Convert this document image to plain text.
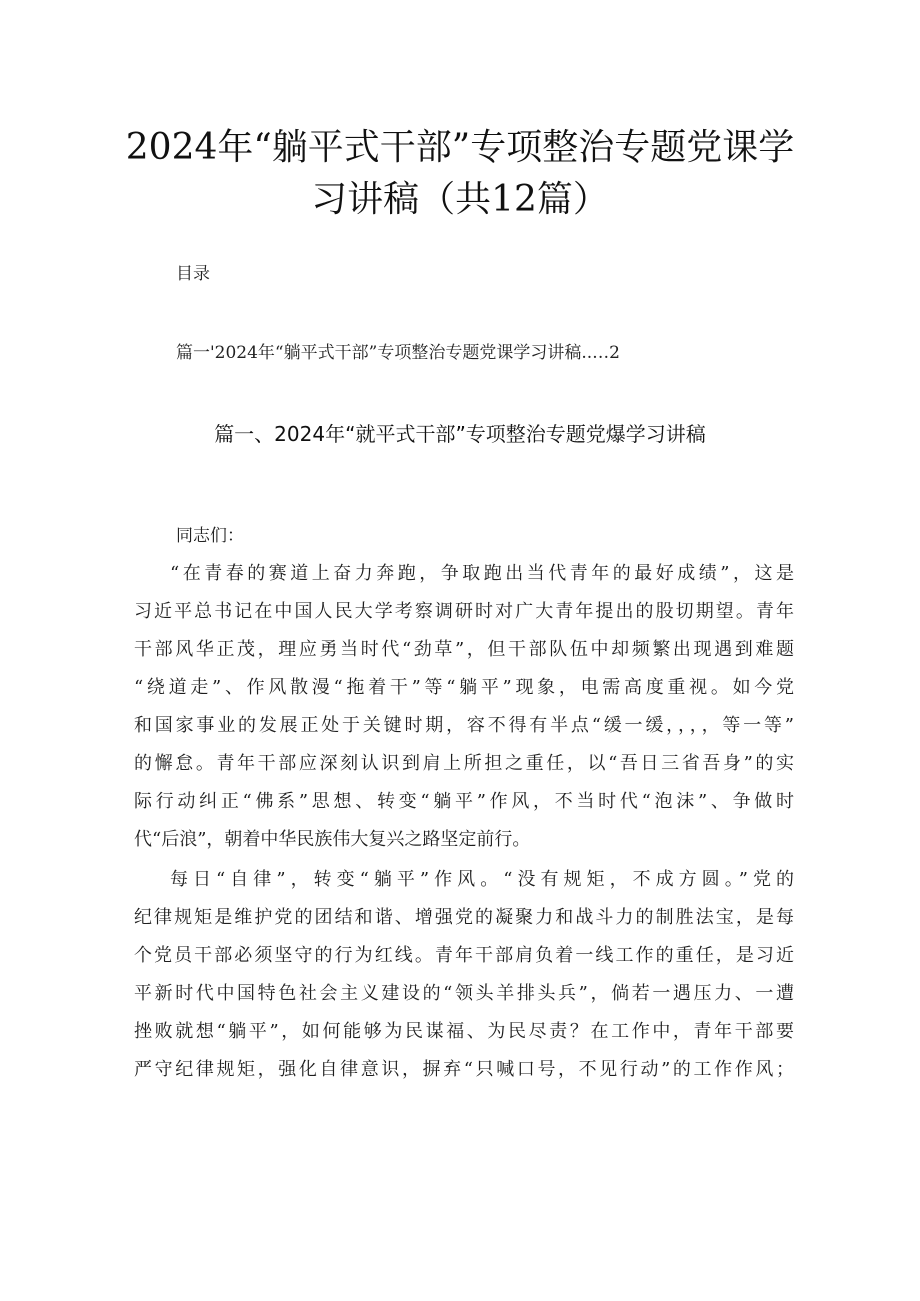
2024年“躺平式干部”专项整治专题党课学
习讲稿（共12篇）
目录
篇一'2024年“躺平式干部”专项整治专题党课学习讲稿..…2
篇一、2024年“就平式干部”专项整治专题党爆学习讲稿
同志们：

“在青春的赛道上奋力奔跑，争取跑出当代青年的最好成绩”，这是
习近平总书记在中国人民大学考察调研时对广大青年提出的股切期望。青年
干部风华正茂，理应勇当时代“劲草”，但干部队伍中却频繁出现遇到难题
“绕道走”、作风散漫“拖着干”等“躺平”现象，电需高度重视。如今党
和国家事业的发展正处于关键时期，容不得有半点“缓一缓，，，，等一等”
的懈怠。青年干部应深刻认识到肩上所担之重任，以“吾日三省吾身”的实
际行动纠正“佛系”思想、转变“躺平”作风，不当时代“泡沫”、争做时
代“后浪”，朝着中华民族伟大复兴之路坚定前行。

每日“自律”，转变“躺平”作风。“没有规矩，不成方圆。”党的
纪律规矩是维护党的团结和谐、增强党的凝聚力和战斗力的制胜法宝，是每
个党员干部必须坚守的行为红线。青年干部肩负着一线工作的重任，是习近
平新时代中国特色社会主义建设的“领头羊排头兵”，倘若一遇压力、一遭
挫败就想“躺平”，如何能够为民谋福、为民尽责？在工作中，青年干部要
严守纪律规矩，强化自律意识，摒弃“只喊口号，不见行动”的工作作风；
